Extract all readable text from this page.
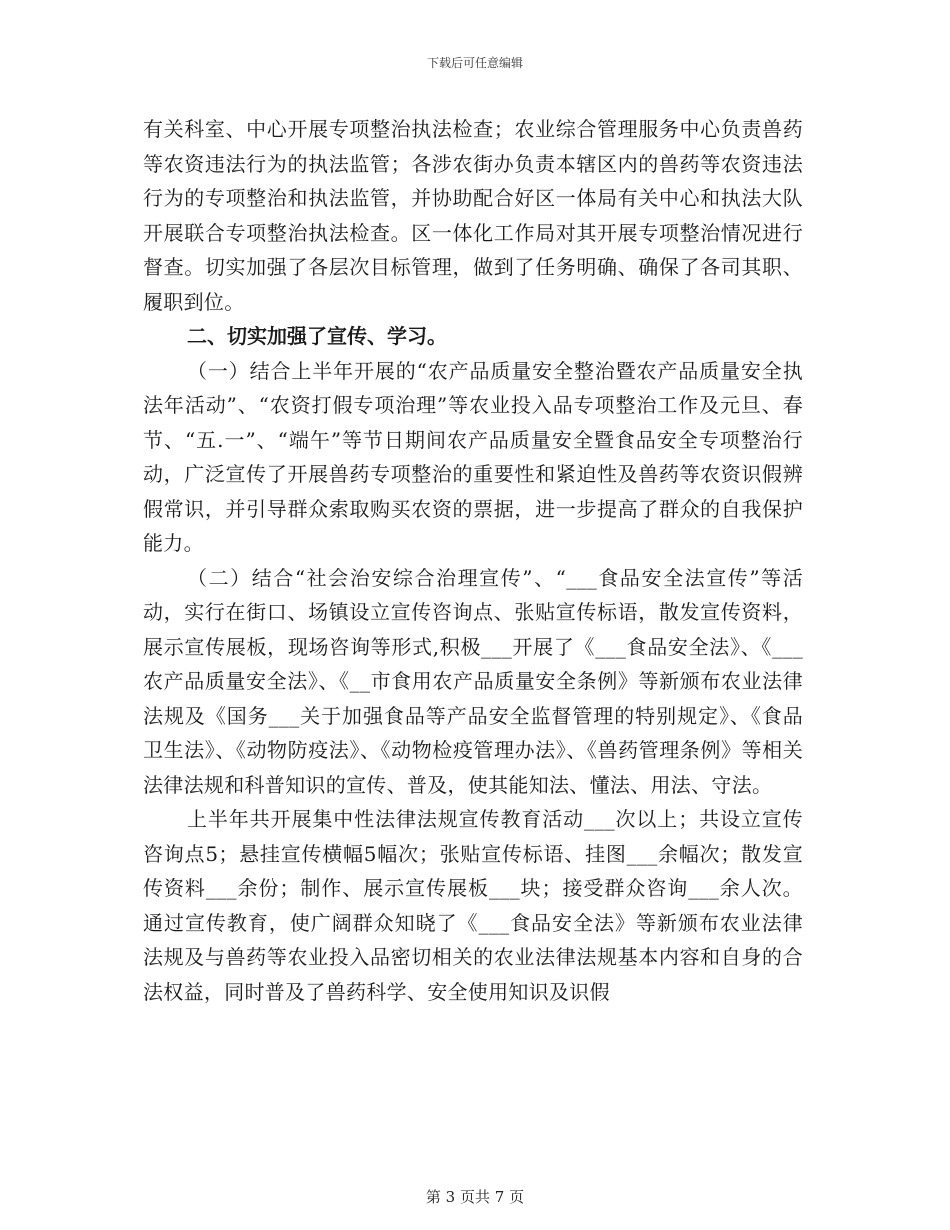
下载后可任意编辑

有关科室、中心开展专项整治执法检查；农业综合管理服务中心负责兽药等农资违法行为的执法监管；各涉农街办负责本辖区内的兽药等农资违法行为的专项整治和执法监管，并协助配合好区一体局有关中心和执法大队开展联合专项整治执法检查。区一体化工作局对其开展专项整治情况进行督查。切实加强了各层次目标管理，做到了任务明确、确保了各司其职、履职到位。

二、切实加强了宣传、学习。

（一）结合上半年开展的“农产品质量安全整治暨农产品质量安全执法年活动”、“农资打假专项治理”等农业投入品专项整治工作及元旦、春节、“五.一”、“端午”等节日期间农产品质量安全暨食品安全专项整治行动，广泛宣传了开展兽药专项整治的重要性和紧迫性及兽药等农资识假辨假常识，并引导群众索取购买农资的票据，进一步提高了群众的自我保护能力。

（二）结合“社会治安综合治理宣传”、“___食品安全法宣传”等活动，实行在街口、场镇设立宣传咨询点、张贴宣传标语，散发宣传资料，展示宣传展板，现场咨询等形式,积极___开展了《___食品安全法》、《___农产品质量安全法》、《__市食用农产品质量安全条例》等新颁布农业法律法规及《国务___关于加强食品等产品安全监督管理的特别规定》、《食品卫生法》、《动物防疫法》、《动物检疫管理办法》、《兽药管理条例》等相关法律法规和科普知识的宣传、普及，使其能知法、懂法、用法、守法。

上半年共开展集中性法律法规宣传教育活动___次以上；共设立宣传咨询点5；悬挂宣传横幅5幅次；张贴宣传标语、挂图___余幅次；散发宣传资料___余份；制作、展示宣传展板___块；接受群众咨询___余人次。通过宣传教育，使广阔群众知晓了《___食品安全法》等新颁布农业法律法规及与兽药等农业投入品密切相关的农业法律法规基本内容和自身的合法权益，同时普及了兽药科学、安全使用知识及识假

第 3 页共 7 页
